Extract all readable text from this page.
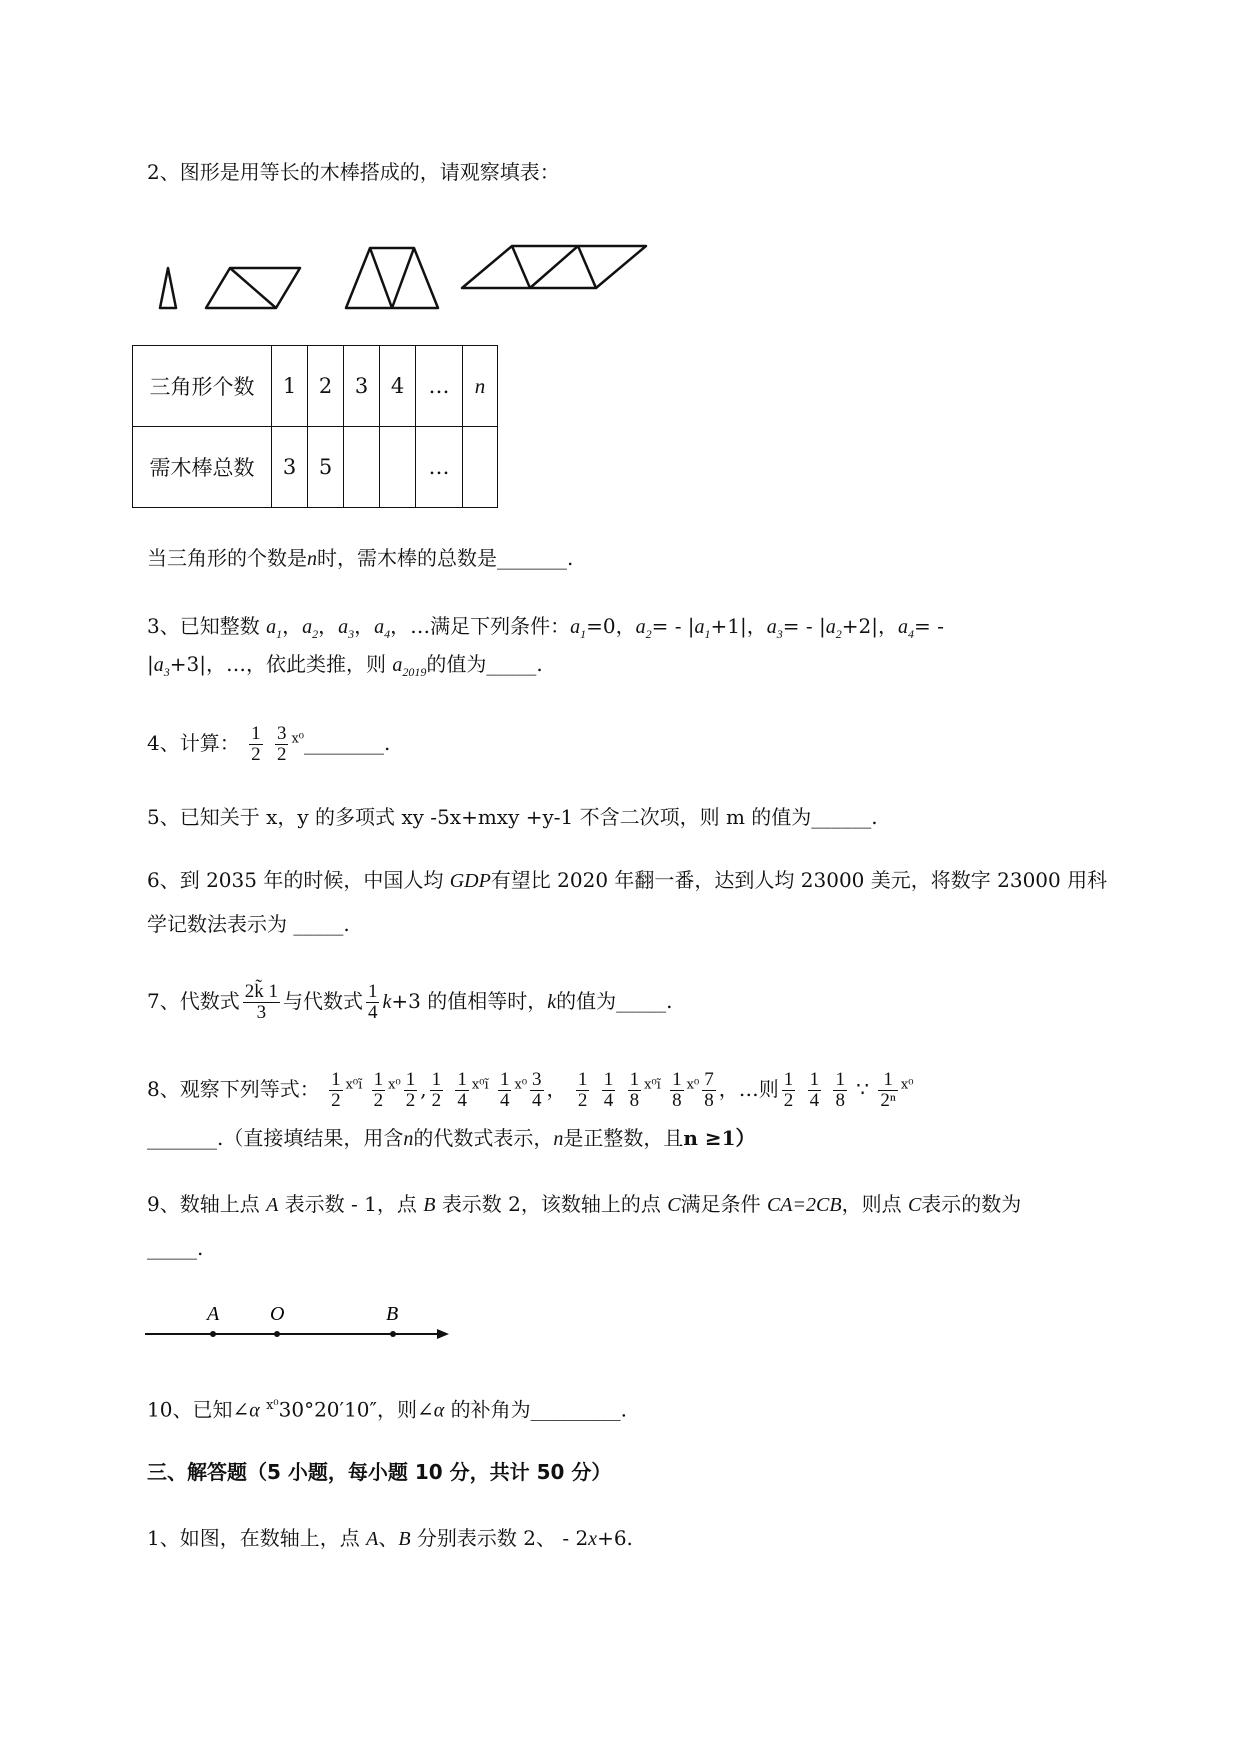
2、图形是用等长的木棒搭成的，请观察填表：
三角形个数	1	2	3	4	…	n
需木棒总数	3	5			…	
当三角形的个数是n时，需木棒的总数是_______.
3、已知整数 $a_1$，$a_2$，$a_3$，$a_4$，…满足下列条件：$a_1=0$，$a_2= - |a_1+1|$，$a_3= - |a_2+2|$，$a_4=$ -
$|a_3+3|$，…，依此类推，则 $a_{2019}$的值为_____.
4、计算： $\frac{1}{2}$
$\frac{3}{2}$ $^{x^0}$________.
5、已知关于 x，y 的多项式 xy -5x+mxy +y-1 不含二次项，则 m 的值为______.
6、到 2035 年的时候，中国人均 GDP有望比 2020 年翻一番，达到人均 23000 美元，将数字 23000 用科
学记数法表示为 _____.
7、代数式 $\frac{2k̃ 1}{3}$ 与代数式 $\frac{1}{4} k+3$ 的值相等时，k的值为_____.
8、观察下列等式： $\frac{1}{2} ^{x^0ĩ} \frac{1}{2} ^{x^0} \frac{1}{2}$ , $\frac{1}{2}$
$\frac{1}{4} ^{x^0ĩ} \frac{1}{4} ^{x^0} \frac{3}{4}$ ， $\frac{1}{2}$
$\frac{1}{4}$
$\frac{1}{8} ^{x^0ĩ} \frac{1}{8} ^{x^0} \frac{7}{8}$ ，…则 $\frac{1}{2}$
$\frac{1}{4}$
$\frac{1}{8}$ ∵ $\frac{1}{\text{2ⁿ}} ^{x^0}$
_______.（直接填结果，用含n的代数式表示，n是正整数，且n ≥1）
9、数轴上点 A 表示数 - 1，点 B 表示数 2，该数轴上的点 C满足条件 CA=2CB，则点 C表示的数为
_____.
A	O	B
10、已知∠α $^{x^0}$30°20′10″，则∠α 的补角为_________.
三、解答题（5 小题，每小题 10 分，共计 50 分）
1、如图，在数轴上，点 A、B 分别表示数 2、 - 2x+6.
